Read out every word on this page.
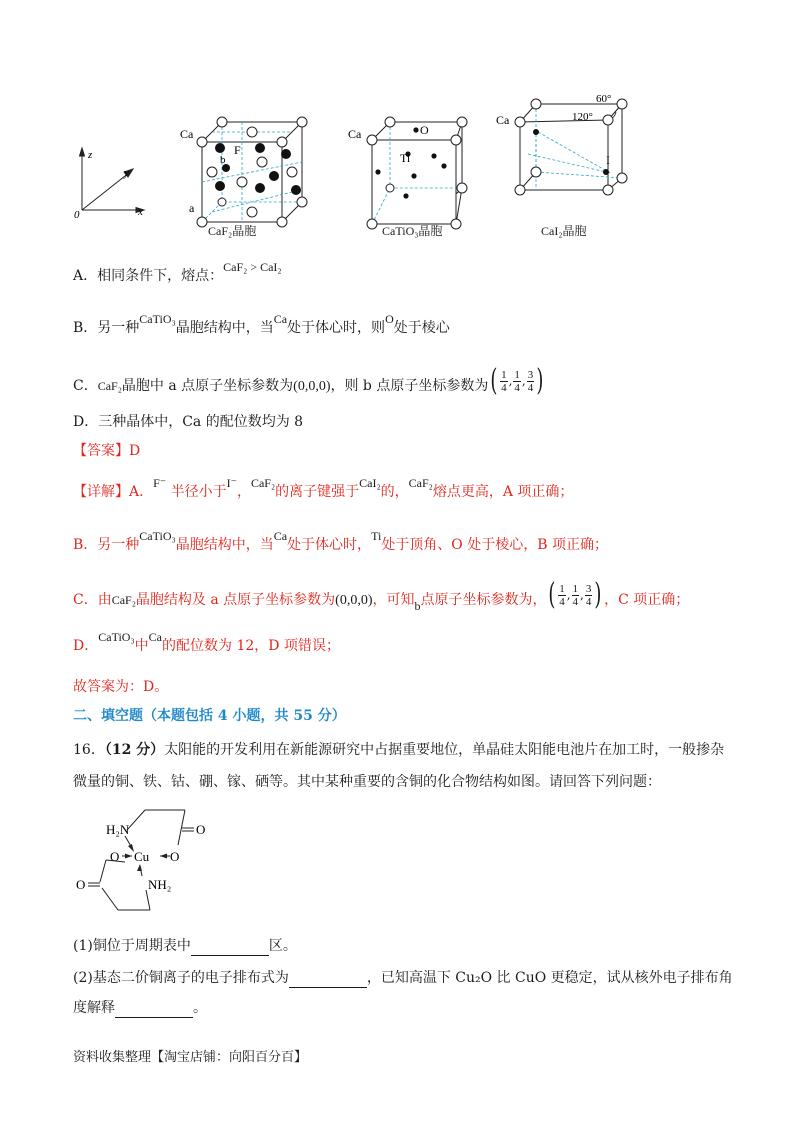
z
y
x
0
Ca
F
b
a
Ca	O
Ti
Ca
I
60°
120°
CaF₂晶胞	CaTiO₃晶胞	CaI₂晶胞
A．相同条件下，熔点：CaF₂ > CaI₂
B．另一种CaTiO₃晶胞结构中，当Ca处于体心时，则O处于棱心
C．CaF₂晶胞中 a 点原子坐标参数为(0,0,0)，则 b 点原子坐标参数为 ( 1
4 , 1
4 , 3
4 )
D．三种晶体中，Ca 的配位数均为 8
【答案】D
【详解】A．F⁻ 半径小于I⁻，CaF₂的离子键强于CaI₂的，CaF₂熔点更高，A 项正确；
B．另一种CaTiO₃晶胞结构中，当Ca处于体心时，Ti处于顶角、O 处于棱心，B 项正确；
C．由CaF₂晶胞结构及 a 点原子坐标参数为(0,0,0)，可知b点原子坐标参数为， ( 1
4 , 1
4 , 3
4 ) ，C 项正确；
D．CaTiO₃中Ca的配位数为 12，D 项错误；
故答案为：D。
二、填空题（本题包括 4 小题，共 55 分）
16．（12 分）太阳能的开发利用在新能源研究中占据重要地位，单晶硅太阳能电池片在加工时，一般掺杂
微量的铜、铁、钴、硼、镓、硒等。其中某种重要的含铜的化合物结构如图。请回答下列问题：
H₂N	O
O Cu O
O	NH₂
(1)铜位于周期表中	区。
(2)基态二价铜离子的电子排布式为	，已知高温下 Cu₂O 比 CuO 更稳定，试从核外电子排布角
度解释	。
资料收集整理【淘宝店铺：向阳百分百】
